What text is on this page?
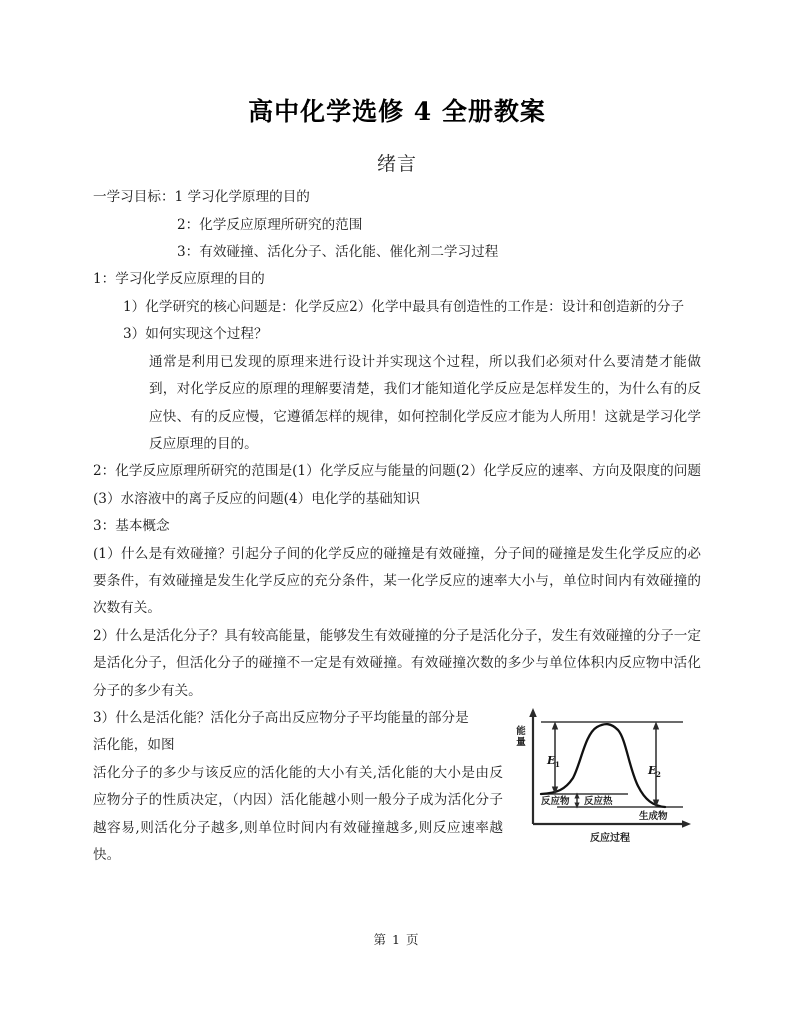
高中化学选修 4 全册教案
绪言

一学习目标：1 学习化学原理的目的

2：化学反应原理所研究的范围

3：有效碰撞、活化分子、活化能、催化剂二学习过程

1：学习化学反应原理的目的

1）化学研究的核心问题是：化学反应2）化学中最具有创造性的工作是：设计和创造新的分子

3）如何实现这个过程？

通常是利用已发现的原理来进行设计并实现这个过程，所以我们必须对什么要清楚才能做到，对化学反应的原理的理解要清楚，我们才能知道化学反应是怎样发生的，为什么有的反应快、有的反应慢，它遵循怎样的规律，如何控制化学反应才能为人所用！这就是学习化学反应原理的目的。

2：化学反应原理所研究的范围是(1）化学反应与能量的问题(2）化学反应的速率、方向及限度的问题(3）水溶液中的离子反应的问题(4）电化学的基础知识

3：基本概念

(1）什么是有效碰撞？引起分子间的化学反应的碰撞是有效碰撞，分子间的碰撞是发生化学反应的必要条件，有效碰撞是发生化学反应的充分条件，某一化学反应的速率大小与，单位时间内有效碰撞的次数有关。

2）什么是活化分子？具有较高能量，能够发生有效碰撞的分子是活化分子，发生有效碰撞的分子一定是活化分子，但活化分子的碰撞不一定是有效碰撞。有效碰撞次数的多少与单位体积内反应物中活化分子的多少有关。

能
量
E 1	E 2
反应物 反应热
生成物
反应过程

3）什么是活化能？活化分子高出反应物分子平均能量的部分是

活化能，如图

活化分子的多少与该反应的活化能的大小有关,活化能的大小是由反应物分子的性质决定，（内因）活化能越小则一般分子成为活化分子越容易,则活化分子越多,则单位时间内有效碰撞越多,则反应速率越快。

第 1 页
